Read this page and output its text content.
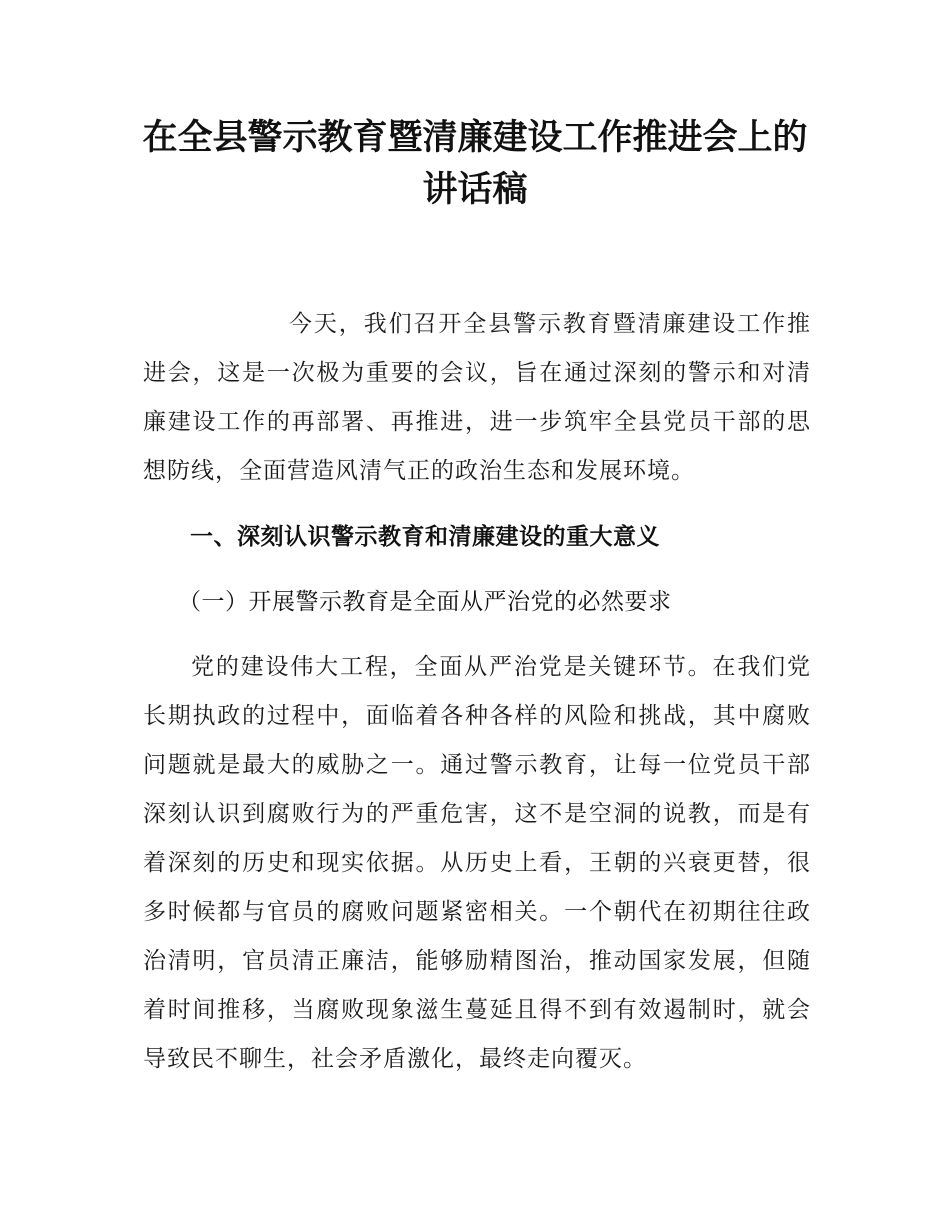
在全县警示教育暨清廉建设工作推进会上的讲话稿

今天，我们召开全县警示教育暨清廉建设工作推进会，这是一次极为重要的会议，旨在通过深刻的警示和对清廉建设工作的再部署、再推进，进一步筑牢全县党员干部的思想防线，全面营造风清气正的政治生态和发展环境。

一、深刻认识警示教育和清廉建设的重大意义
（一）开展警示教育是全面从严治党的必然要求

党的建设伟大工程，全面从严治党是关键环节。在我们党长期执政的过程中，面临着各种各样的风险和挑战，其中腐败问题就是最大的威胁之一。通过警示教育，让每一位党员干部深刻认识到腐败行为的严重危害，这不是空洞的说教，而是有着深刻的历史和现实依据。从历史上看，王朝的兴衰更替，很多时候都与官员的腐败问题紧密相关。一个朝代在初期往往政治清明，官员清正廉洁，能够励精图治，推动国家发展，但随着时间推移，当腐败现象滋生蔓延且得不到有效遏制时，就会导致民不聊生，社会矛盾激化，最终走向覆灭。
